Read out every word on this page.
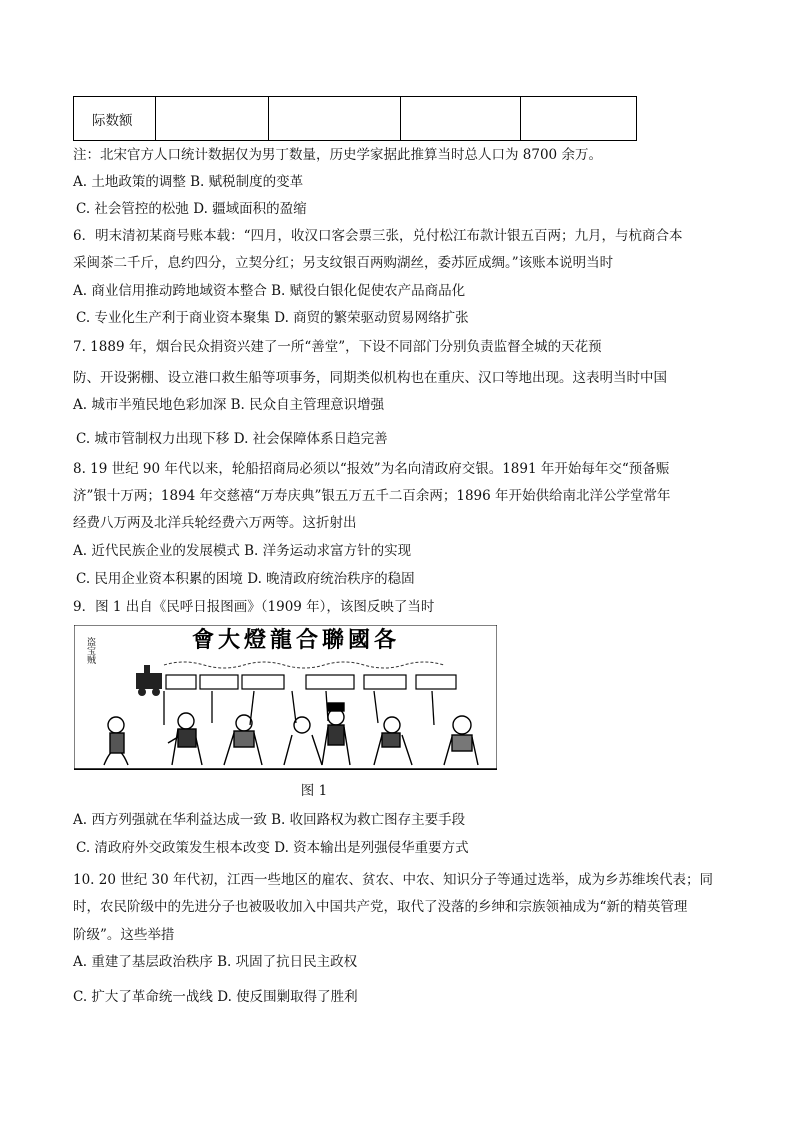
际数额				
注：北宋官方人口统计数据仅为男丁数量，历史学家据此推算当时总人口为 8700 余万。
A. 土地政策的调整 B. 赋税制度的变革
C. 社会管控的松弛 D. 疆域面积的盈缩
6．明末清初某商号账本载：“四月，收汉口客会票三张，兑付松江布款计银五百两；九月，与杭商合本
采闽茶二千斤，息约四分，立契分红；另支纹银百两购湖丝，委苏匠成绸。”该账本说明当时
A. 商业信用推动跨地域资本整合 B. 赋役白银化促使农产品商品化
C. 专业化生产利于商业资本聚集 D. 商贸的繁荣驱动贸易网络扩张
7. 1889 年，烟台民众捐资兴建了一所“善堂”，下设不同部门分别负责监督全城的天花预
防、开设粥棚、设立港口救生船等项事务，同期类似机构也在重庆、汉口等地出现。这表明当时中国
A. 城市半殖民地色彩加深 B. 民众自主管理意识增强
C. 城市管制权力出现下移 D. 社会保障体系日趋完善
8. 19 世纪 90 年代以来，轮船招商局必须以“报效”为名向清政府交银。1891 年开始每年交“预备赈
济”银十万两；1894 年交慈禧“万寿庆典”银五万五千二百余两；1896 年开始供给南北洋公学堂常年
经费八万两及北洋兵轮经费六万两等。这折射出
A. 近代民族企业的发展模式 B. 洋务运动求富方针的实现
C. 民用企业资本积累的困境 D. 晚清政府统治秩序的稳固
9．图 1 出自《民呼日报图画》（1909 年），该图反映了当时
盗宝贼	會大燈龍合聯國各
图 1
A. 西方列强就在华利益达成一致 B. 收回路权为救亡图存主要手段
C. 清政府外交政策发生根本改变 D. 资本输出是列强侵华重要方式
10. 20 世纪 30 年代初，江西一些地区的雇农、贫农、中农、知识分子等通过选举，成为乡苏维埃代表；同
时，农民阶级中的先进分子也被吸收加入中国共产党，取代了没落的乡绅和宗族领袖成为“新的精英管理
阶级”。这些举措
A. 重建了基层政治秩序 B. 巩固了抗日民主政权
C. 扩大了革命统一战线 D. 使反围剿取得了胜利
